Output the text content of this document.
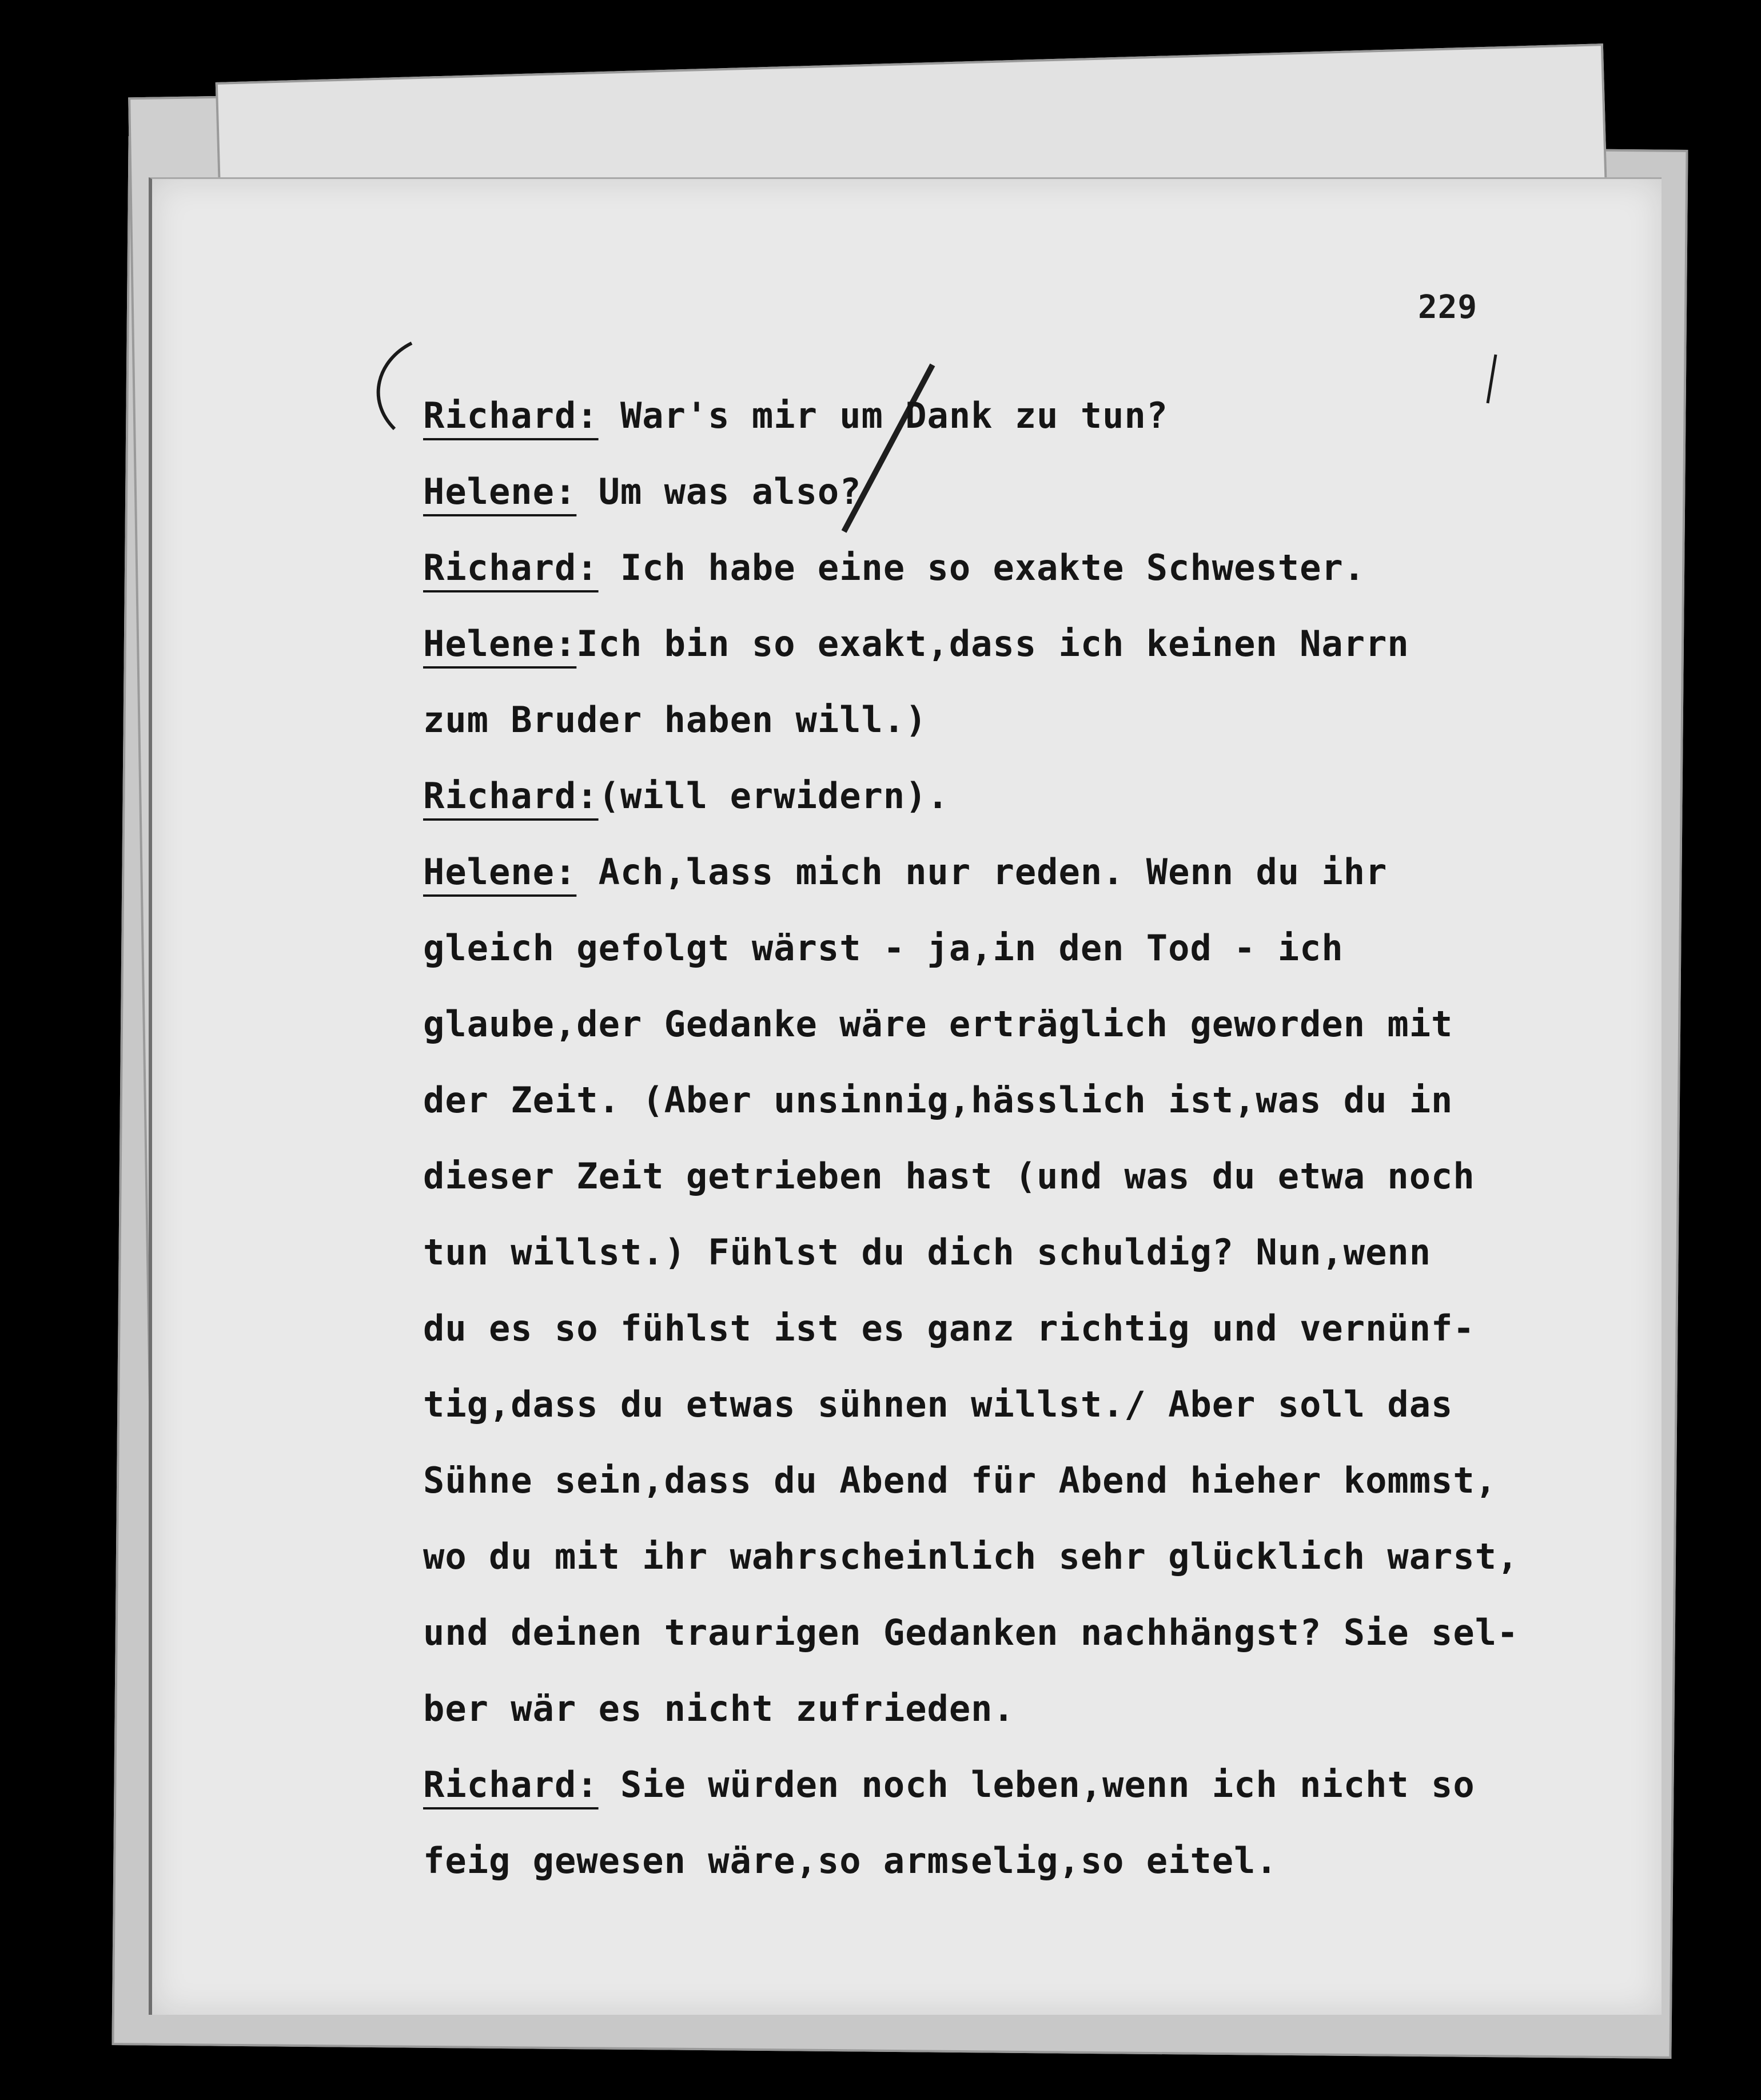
229
Richard: War's mir um Dank zu tun?
Helene: Um was also?
Richard: Ich habe eine so exakte Schwester.
Helene:Ich bin so exakt,dass ich keinen Narrn
zum Bruder haben will.)
Richard:(will erwidern).
Helene: Ach,lass mich nur reden. Wenn du ihr
gleich gefolgt wärst - ja,in den Tod - ich
glaube,der Gedanke wäre erträglich geworden mit
der Zeit. (Aber unsinnig,hässlich ist,was du in
dieser Zeit getrieben hast (und was du etwa noch
tun willst.) Fühlst du dich schuldig? Nun,wenn
du es so fühlst ist es ganz richtig und vernünf-
tig,dass du etwas sühnen willst./ Aber soll das
Sühne sein,dass du Abend für Abend hieher kommst,
wo du mit ihr wahrscheinlich sehr glücklich warst,
und deinen traurigen Gedanken nachhängst? Sie sel-
ber wär es nicht zufrieden.
Richard: Sie würden noch leben,wenn ich nicht so
feig gewesen wäre,so armselig,so eitel.
